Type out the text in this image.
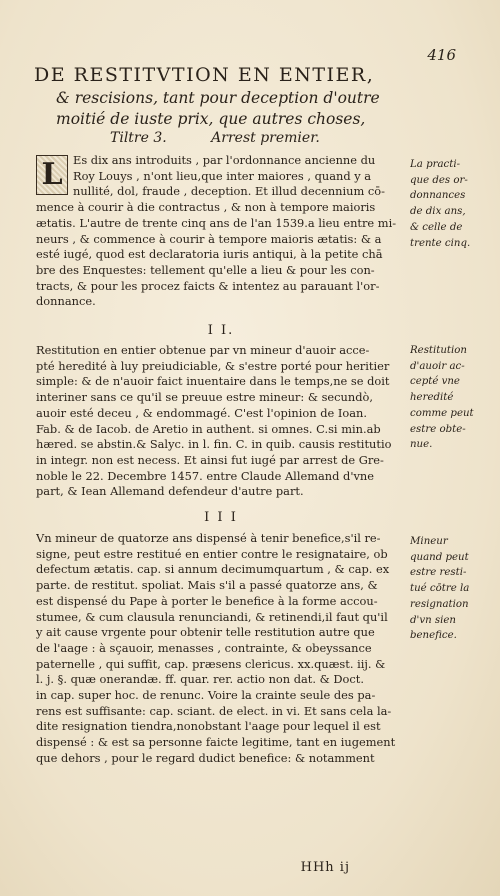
416
DE RESTITVTION EN ENTIER,
& rescisions, tant pour deception d'outre
moitié de iuste prix, que autres choses,
Tiltre 3.	Arrest premier.
L Es dix ans introduits , par l'ordonnance ancienne du
Roy Louys , n'ont lieu,que inter maiores , quand y a
nullité, dol, fraude , deception. Et illud decennium cō-
mence à courir à die contractus , & non à tempore maioris
ætatis. L'autre de trente cinq ans de l'an 1539.a lieu entre mi-
neurs , & commence à courir à tempore maioris ætatis: & a
esté iugé, quod est declaratoria iuris antiqui, à la petite chā
bre des Enquestes: tellement qu'elle a lieu & pour les con-
tracts, & pour les procez faicts & intentez au parauant l'or-
donnance.
La practi-
que des or-
donnances
de dix ans,
& celle de
trente cinq.
I I.
Restitution en entier obtenue par vn mineur d'auoir acce-
pté heredité à luy preiudiciable, & s'estre porté pour heritier
simple: & de n'auoir faict inuentaire dans le temps,ne se doit
interiner sans ce qu'il se preuue estre mineur: & secundò,
auoir esté deceu , & endommagé. C'est l'opinion de Ioan.
Fab. & de Iacob. de Aretio in authent. si omnes. C.si min.ab
hæred. se abstin.& Salyc. in l. fin. C. in quib. causis restitutio
in integr. non est necess. Et ainsi fut iugé par arrest de Gre-
noble le 22. Decembre 1457. entre Claude Allemand d'vne
part, & Iean Allemand defendeur d'autre part.
Restitution
d'auoir ac-
cepté vne
heredité
comme peut
estre obte-
nue.
I I I
Vn mineur de quatorze ans dispensé à tenir benefice,s'il re-
signe, peut estre restitué en entier contre le resignataire, ob
defectum ætatis. cap. si annum decimumquartum , & cap. ex
parte. de restitut. spoliat. Mais s'il a passé quatorze ans, &
est dispensé du Pape à porter le benefice à la forme accou-
stumee, & cum clausula renunciandi, & retinendi,il faut qu'il
y ait cause vrgente pour obtenir telle restitution autre que
de l'aage : à sçauoir, menasses , contrainte, & obeyssance
paternelle , qui suffit, cap. præsens clericus. xx.quæst. iij. &
l. j. §. quæ onerandæ. ff. quar. rer. actio non dat. & Doct.
in cap. super hoc. de renunc. Voire la crainte seule des pa-
rens est suffisante: cap. sciant. de elect. in vi. Et sans cela la-
dite resignation tiendra,nonobstant l'aage pour lequel il est
dispensé : & est sa personne faicte legitime, tant en iugement
que dehors , pour le regard dudict benefice: & notamment
Mineur
quand peut
estre resti-
tué cōtre la
resignation
d'vn sien
benefice.
HHh ij
